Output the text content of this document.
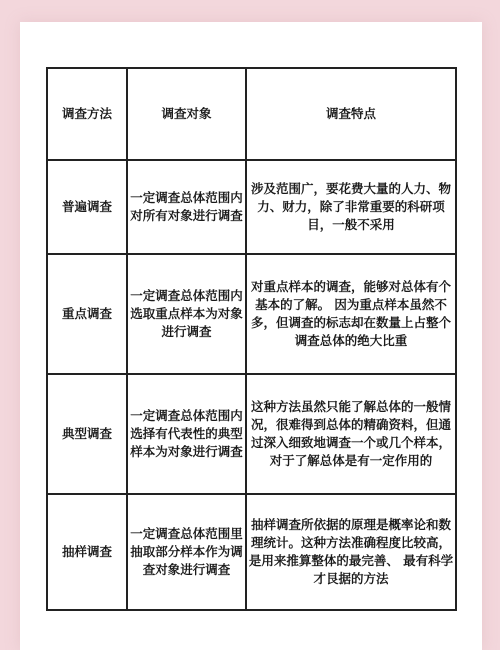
调查方法	调查对象	调查特点
普遍调查	一定调查总体范围内对所有对象进行调查	涉及范围广，要花费大量的人力、物力、财力，除了非常重要的科研项目，一般不采用
重点调查	一定调查总体范围内选取重点样本为对象进行调查	对重点样本的调查，能够对总体有个基本的了解。 因为重点样本虽然不多，但调查的标志却在数量上占整个调查总体的绝大比重
典型调查	一定调查总体范围内选择有代表性的典型样本为对象进行调查	这种方法虽然只能了解总体的一般情况，很难得到总体的精确资料，但通过深入细致地调查一个或几个样本，对于了解总体是有一定作用的
抽样调查	一定调查总体范围里抽取部分样本作为调查对象进行调查	抽样调查所依据的原理是概率论和数理统计。这种方法准确程度比较高，是用来推算整体的最完善、 最有科学才艮据的方法
